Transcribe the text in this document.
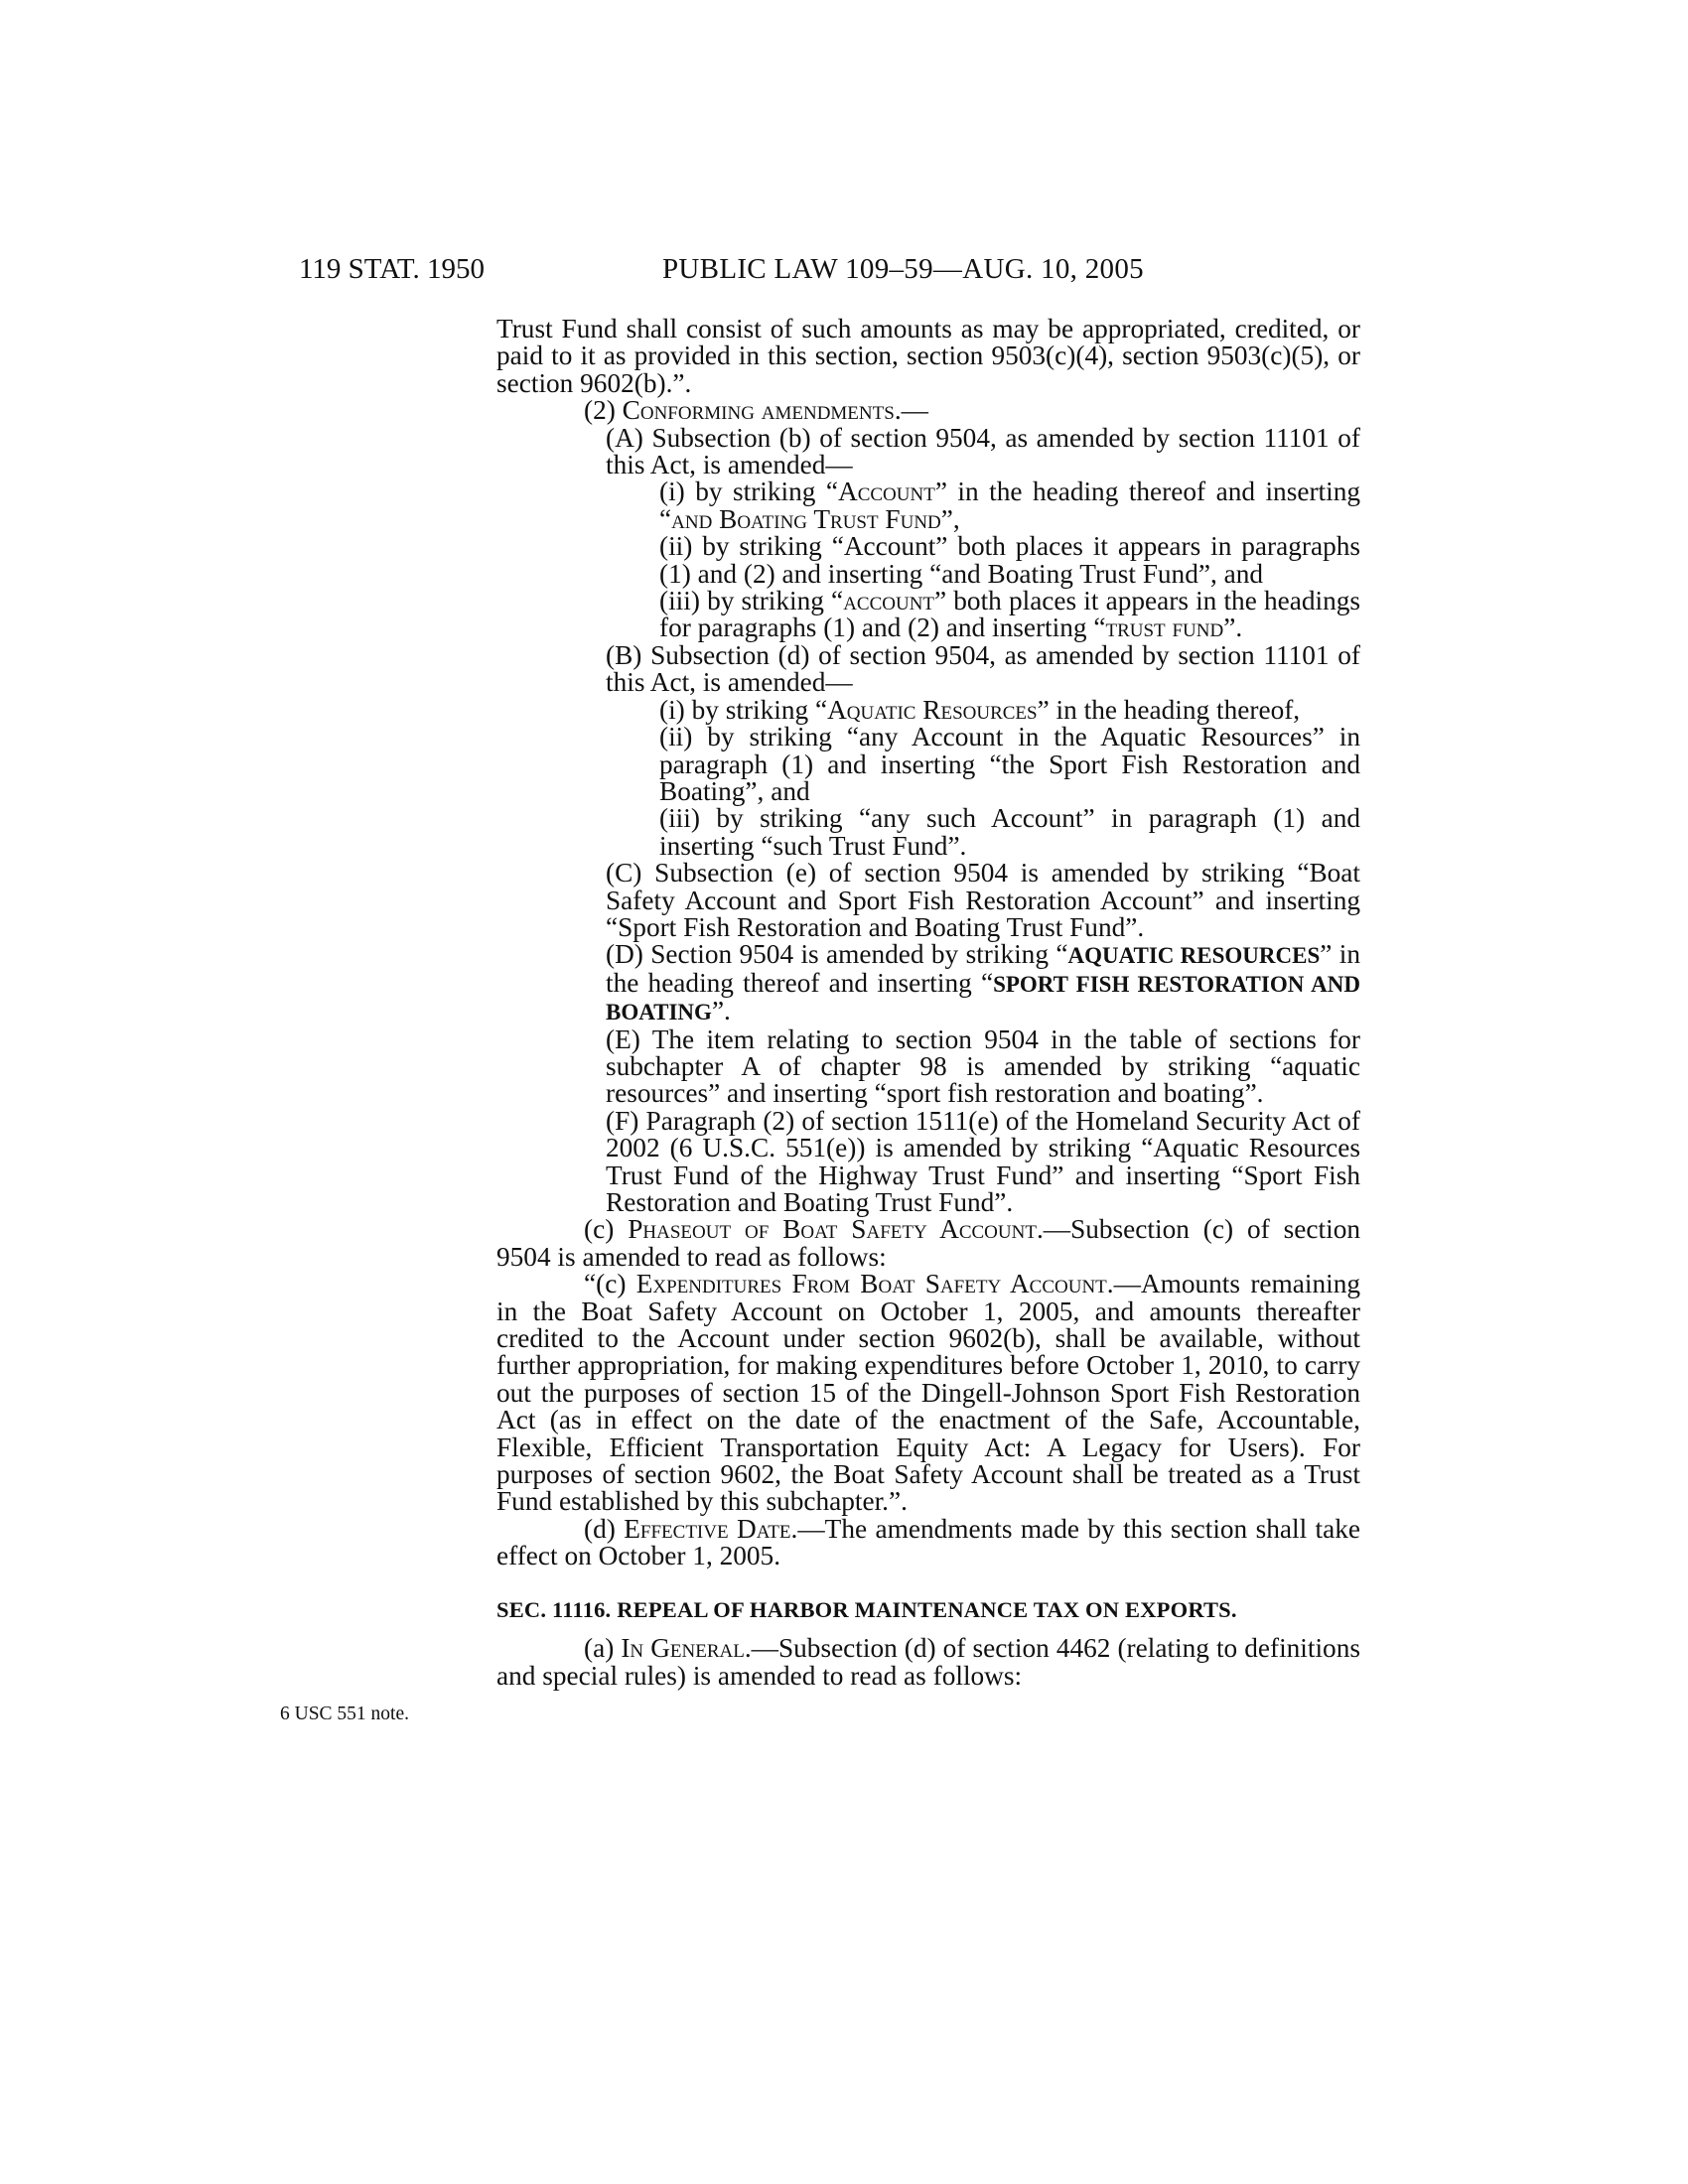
119 STAT. 1950	PUBLIC LAW 109–59—AUG. 10, 2005
6 USC 551 note.

Trust Fund shall consist of such amounts as may be appropriated, credited, or paid to it as provided in this section, section 9503(c)(4), section 9503(c)(5), or section 9602(b).”.

(2) Conforming amendments.—

(A) Subsection (b) of section 9504, as amended by section 11101 of this Act, is amended—

(i) by striking “Account” in the heading thereof and inserting “and Boating Trust Fund”,

(ii) by striking “Account” both places it appears in paragraphs (1) and (2) and inserting “and Boating Trust Fund”, and

(iii) by striking “account” both places it appears in the headings for paragraphs (1) and (2) and inserting “trust fund”.

(B) Subsection (d) of section 9504, as amended by section 11101 of this Act, is amended—

(i) by striking “Aquatic Resources” in the heading thereof,

(ii) by striking “any Account in the Aquatic Resources” in paragraph (1) and inserting “the Sport Fish Restoration and Boating”, and

(iii) by striking “any such Account” in paragraph (1) and inserting “such Trust Fund”.

(C) Subsection (e) of section 9504 is amended by striking “Boat Safety Account and Sport Fish Restoration Account” and inserting “Sport Fish Restoration and Boating Trust Fund”.

(D) Section 9504 is amended by striking “AQUATIC RESOURCES” in the heading thereof and inserting “SPORT FISH RESTORATION AND BOATING”.

(E) The item relating to section 9504 in the table of sections for subchapter A of chapter 98 is amended by striking “aquatic resources” and inserting “sport fish restoration and boating”.

(F) Paragraph (2) of section 1511(e) of the Homeland Security Act of 2002 (6 U.S.C. 551(e)) is amended by striking “Aquatic Resources Trust Fund of the Highway Trust Fund” and inserting “Sport Fish Restoration and Boating Trust Fund”.

(c) Phaseout of Boat Safety Account.—Subsection (c) of section 9504 is amended to read as follows:

“(c) Expenditures From Boat Safety Account.—Amounts remaining in the Boat Safety Account on October 1, 2005, and amounts thereafter credited to the Account under section 9602(b), shall be available, without further appropriation, for making expenditures before October 1, 2010, to carry out the purposes of section 15 of the Dingell-Johnson Sport Fish Restoration Act (as in effect on the date of the enactment of the Safe, Accountable, Flexible, Efficient Transportation Equity Act: A Legacy for Users). For purposes of section 9602, the Boat Safety Account shall be treated as a Trust Fund established by this subchapter.”.

(d) Effective Date.—The amendments made by this section shall take effect on October 1, 2005.

SEC. 11116. REPEAL OF HARBOR MAINTENANCE TAX ON EXPORTS.

(a) In General.—Subsection (d) of section 4462 (relating to definitions and special rules) is amended to read as follows:
